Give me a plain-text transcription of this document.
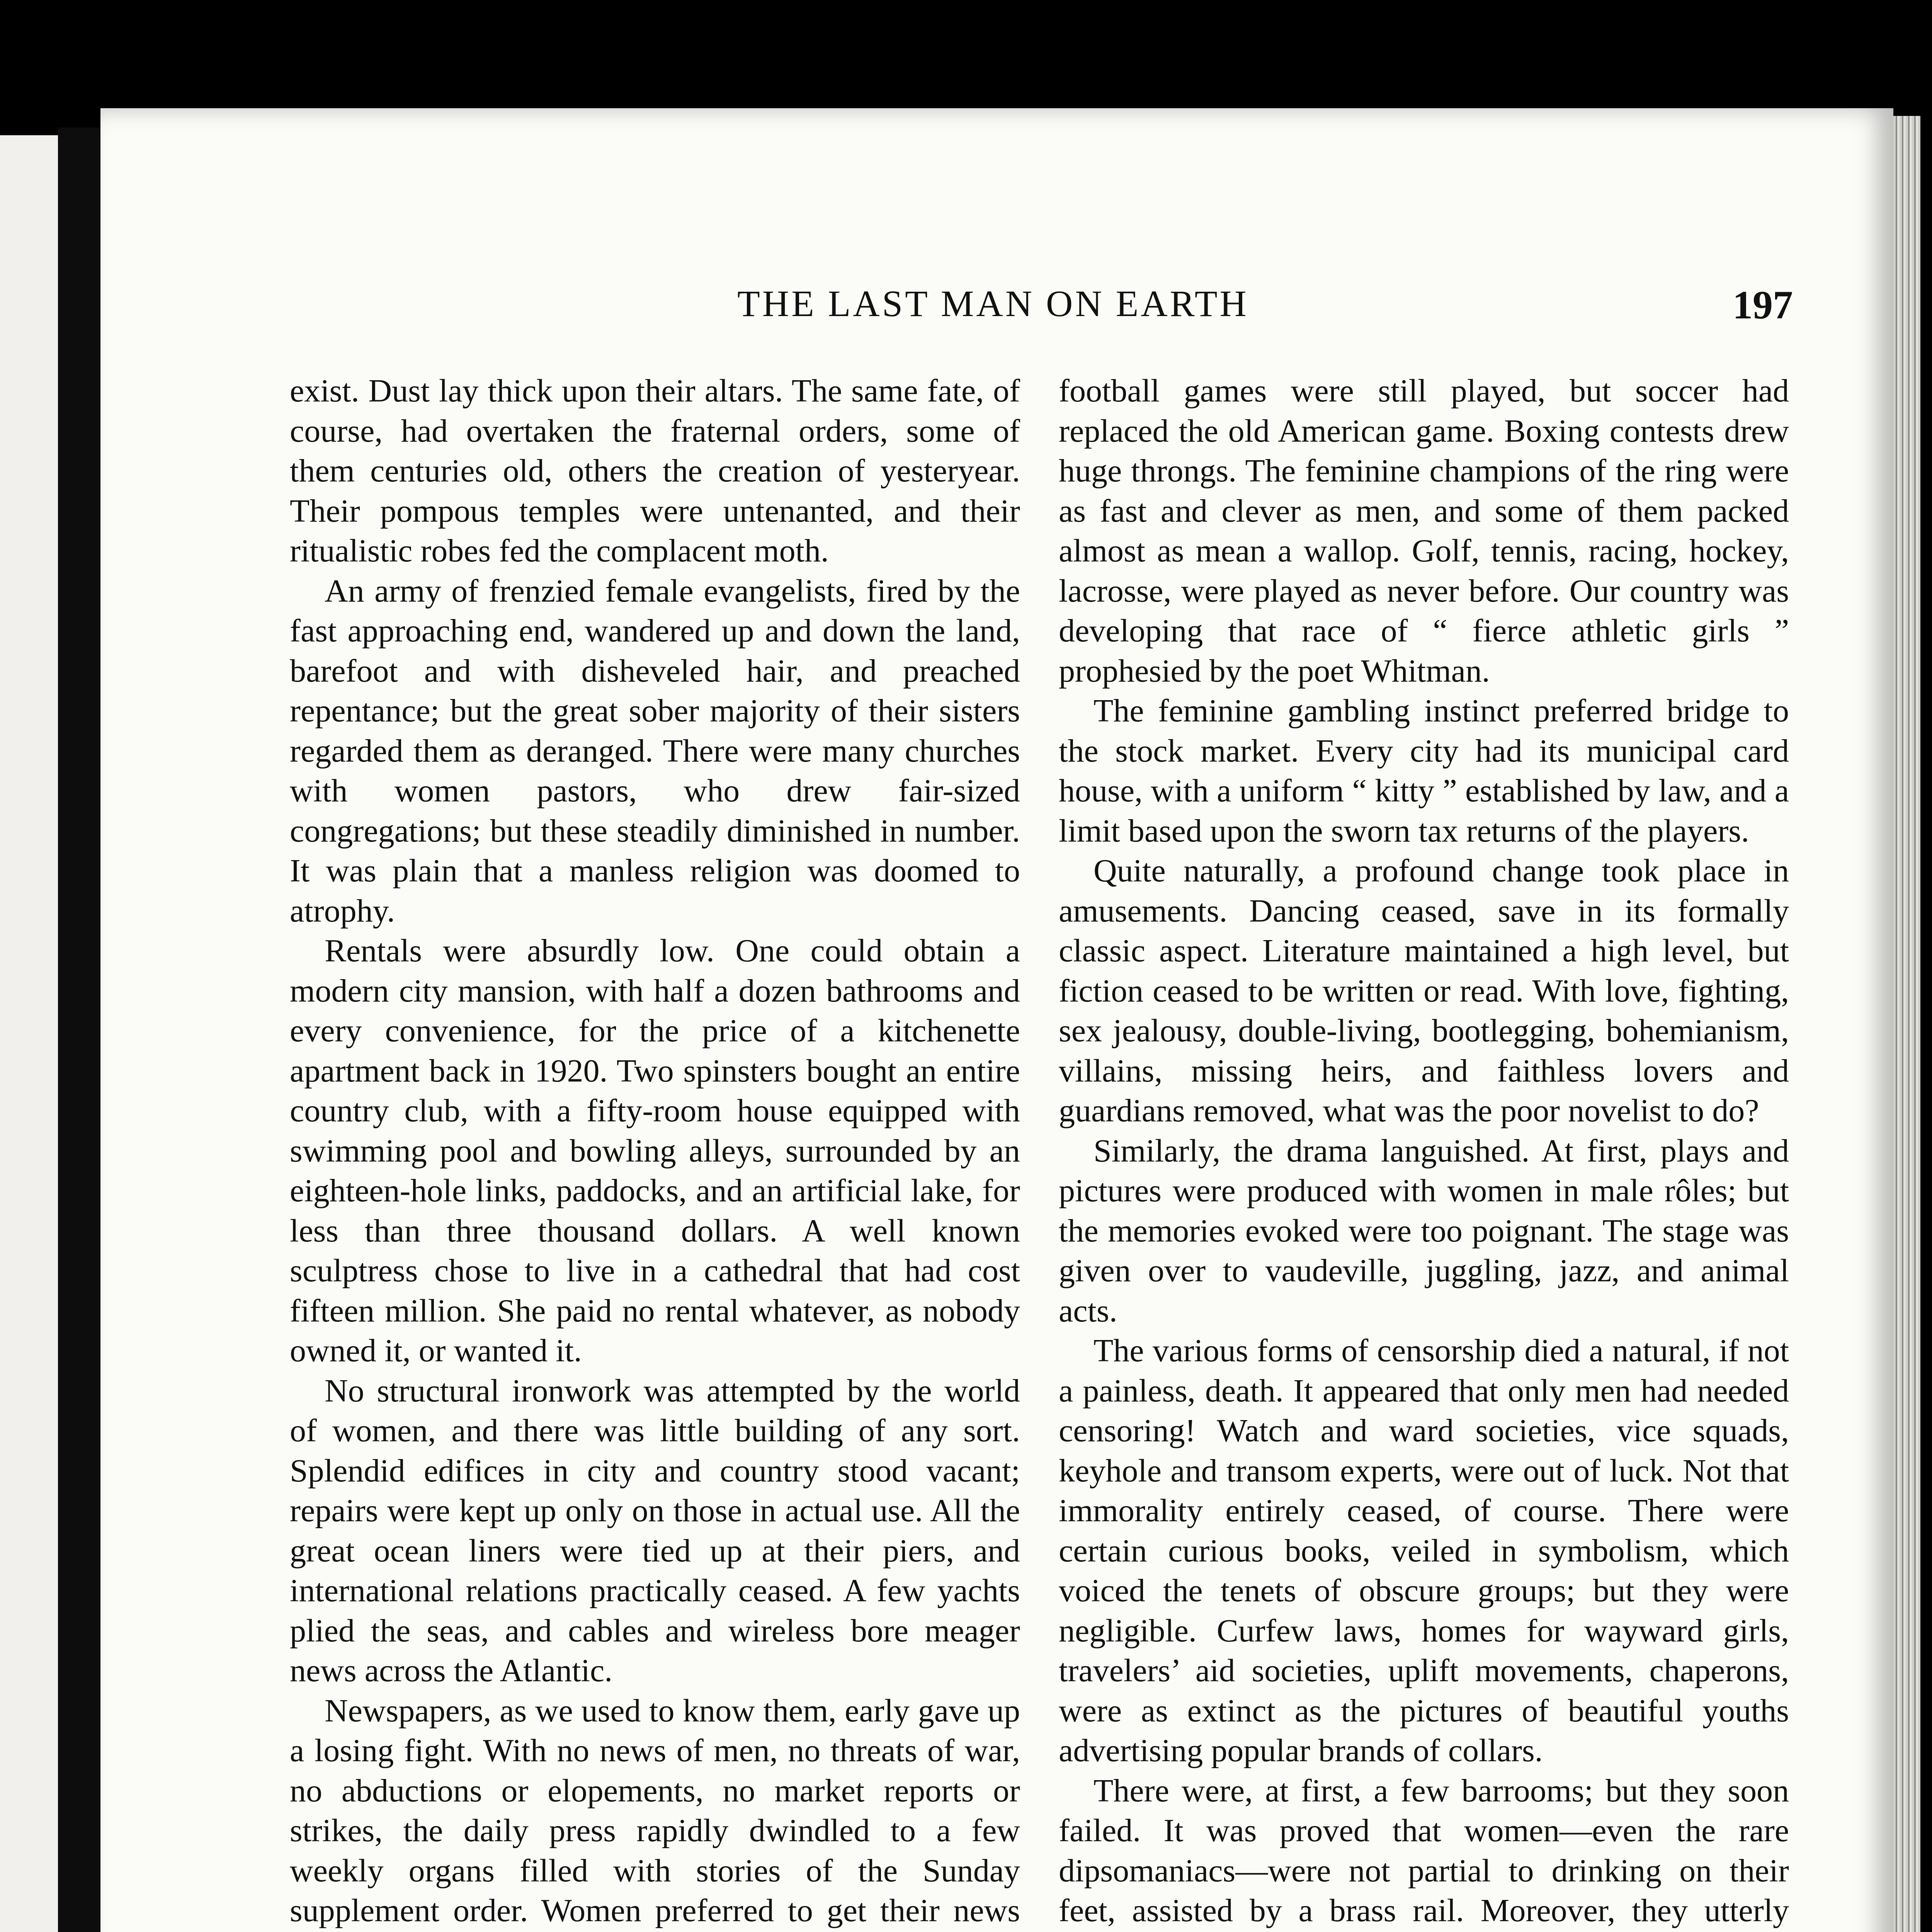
THE LAST MAN ON EARTH	197

exist. Dust lay thick upon their altars. The same fate, of course, had overtaken the fraternal orders, some of them centuries old, others the creation of yesteryear. Their pompous temples were untenanted, and their ritualistic robes fed the complacent moth.

An army of frenzied female evangelists, fired by the fast approaching end, wandered up and down the land, barefoot and with disheveled hair, and preached repentance; but the great sober majority of their sisters regarded them as deranged. There were many churches with women pastors, who drew fair-sized congregations; but these steadily diminished in number. It was plain that a manless religion was doomed to atrophy.

Rentals were absurdly low. One could obtain a modern city mansion, with half a dozen bathrooms and every convenience, for the price of a kitchenette apartment back in 1920. Two spinsters bought an entire country club, with a fifty-room house equipped with swimming pool and bowling alleys, surrounded by an eighteen-hole links, paddocks, and an artificial lake, for less than three thousand dollars. A well known sculptress chose to live in a cathedral that had cost fifteen million. She paid no rental whatever, as nobody owned it, or wanted it.

No structural ironwork was attempted by the world of women, and there was little building of any sort. Splendid edifices in city and country stood vacant; repairs were kept up only on those in actual use. All the great ocean liners were tied up at their piers, and international relations practically ceased. A few yachts plied the seas, and cables and wireless bore meager news across the Atlantic.

Newspapers, as we used to know them, early gave up a losing fight. With no news of men, no threats of war, no abductions or elopements, no market reports or strikes, the daily press rapidly dwindled to a few weekly organs filled with stories of the Sunday supplement order. Women preferred to get their news

football games were still played, but soccer had replaced the old American game. Boxing contests drew huge throngs. The feminine champions of the ring were as fast and clever as men, and some of them packed almost as mean a wallop. Golf, tennis, racing, hockey, lacrosse, were played as never before. Our country was developing that race of “ fierce athletic girls ” prophesied by the poet Whitman.

The feminine gambling instinct preferred bridge to the stock market. Every city had its municipal card house, with a uniform “ kitty ” established by law, and a limit based upon the sworn tax returns of the players.

Quite naturally, a profound change took place in amusements. Dancing ceased, save in its formally classic aspect. Literature maintained a high level, but fiction ceased to be written or read. With love, fighting, sex jealousy, double-living, bootlegging, bohemianism, villains, missing heirs, and faithless lovers and guardians removed, what was the poor novelist to do?

Similarly, the drama languished. At first, plays and pictures were produced with women in male rôles; but the memories evoked were too poignant. The stage was given over to vaudeville, juggling, jazz, and animal acts.

The various forms of censorship died a natural, if not a painless, death. It appeared that only men had needed censoring! Watch and ward societies, vice squads, keyhole and transom experts, were out of luck. Not that immorality entirely ceased, of course. There were certain curious books, veiled in symbolism, which voiced the tenets of obscure groups; but they were negligible. Curfew laws, homes for wayward girls, travelers’ aid societies, uplift movements, chaperons, were as extinct as the pictures of beautiful youths advertising popular brands of collars.

There were, at first, a few barrooms; but they soon failed. It was proved that women—even the rare dipsomaniacs—were not partial to drinking on their feet, assisted by a brass rail. Moreover, they utterly
